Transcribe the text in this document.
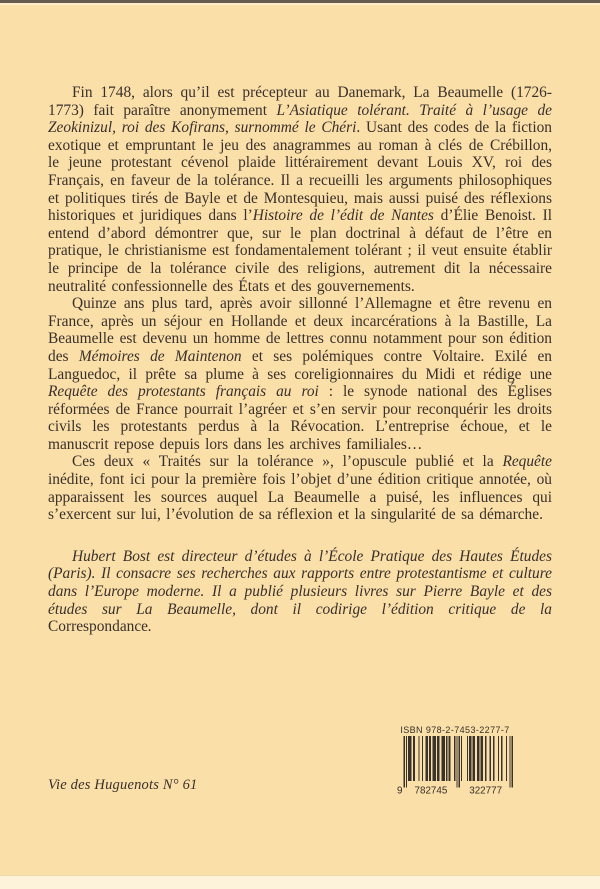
Fin 1748, alors qu’il est précepteur au Danemark, La Beaumelle (1726-1773) fait paraître anonymement L’Asiatique tolérant. Traité à l’usage de Zeokinizul, roi des Kofirans, surnommé le Chéri. Usant des codes de la fiction exotique et empruntant le jeu des anagrammes au roman à clés de Crébillon, le jeune protestant cévenol plaide littérairement devant Louis XV, roi des Français, en faveur de la tolérance. Il a recueilli les arguments philosophiques et politiques tirés de Bayle et de Montesquieu, mais aussi puisé des réflexions historiques et juridiques dans l’Histoire de l’édit de Nantes d’Élie Benoist. Il entend d’abord démontrer que, sur le plan doctrinal à défaut de l’être en pratique, le christianisme est fondamentalement tolérant ; il veut ensuite établir le principe de la tolérance civile des religions, autrement dit la nécessaire neutralité confessionnelle des États et des gouvernements.

Quinze ans plus tard, après avoir sillonné l’Allemagne et être revenu en France, après un séjour en Hollande et deux incarcérations à la Bastille, La Beaumelle est devenu un homme de lettres connu notamment pour son édition des Mémoires de Maintenon et ses polémiques contre Voltaire. Exilé en Languedoc, il prête sa plume à ses coreligionnaires du Midi et rédige une Requête des protestants français au roi : le synode national des Églises réformées de France pourrait l’agréer et s’en servir pour reconquérir les droits civils les protestants perdus à la Révocation. L’entreprise échoue, et le manuscrit repose depuis lors dans les archives familiales…

Ces deux « Traités sur la tolérance », l’opuscule publié et la Requête inédite, font ici pour la première fois l’objet d’une édition critique annotée, où apparaissent les sources auquel La Beaumelle a puisé, les influences qui s’exercent sur lui, l’évolution de sa réflexion et la singularité de sa démarche.

Hubert Bost est directeur d’études à l’École Pratique des Hautes Études (Paris). Il consacre ses recherches aux rapports entre protestantisme et culture dans l’Europe moderne. Il a publié plusieurs livres sur Pierre Bayle et des études sur La Beaumelle, dont il codirige l’édition critique de la Correspondance.

ISBN 978-2-7453-2277-7
9 782745 322777
Vie des Huguenots N° 61
